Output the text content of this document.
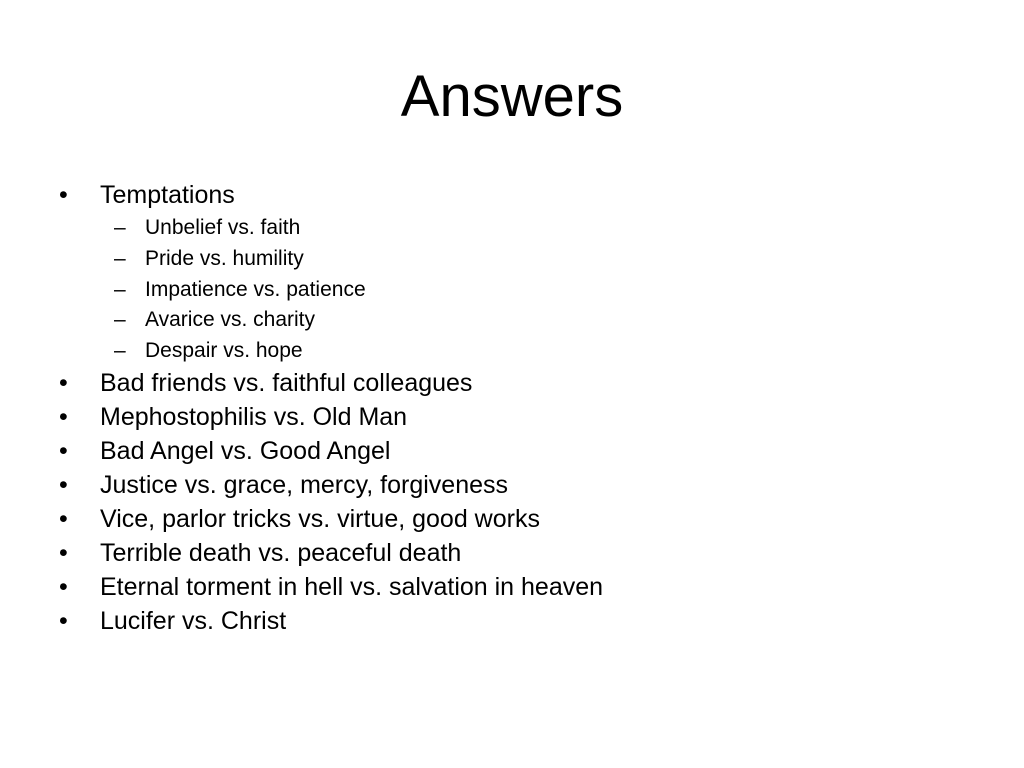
Answers
• Temptations
– Unbelief vs. faith
– Pride vs. humility
– Impatience vs. patience
– Avarice vs. charity
– Despair vs. hope
• Bad friends vs. faithful colleagues
• Mephostophilis vs. Old Man
• Bad Angel vs. Good Angel
• Justice vs. grace, mercy, forgiveness
• Vice, parlor tricks vs. virtue, good works
• Terrible death vs. peaceful death
• Eternal torment in hell vs. salvation in heaven
• Lucifer vs. Christ
